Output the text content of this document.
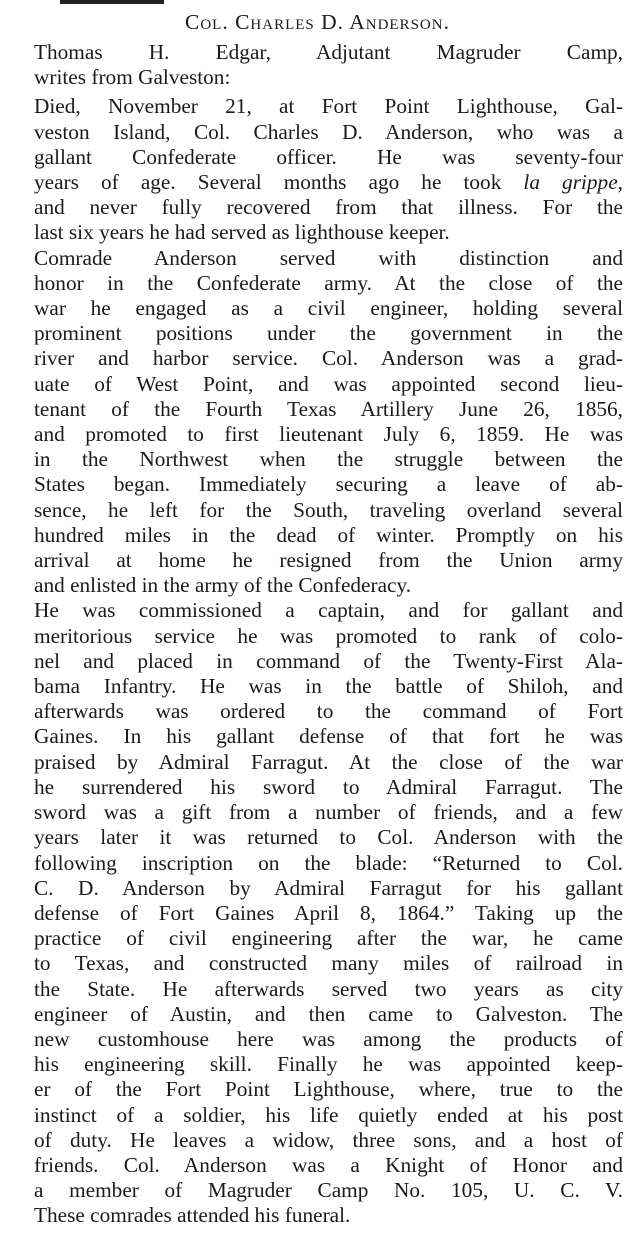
Col. Charles D. Anderson.

Thomas H. Edgar, Adjutant Magruder Camp,
writes from Galveston:

Died, November 21, at Fort Point Lighthouse, Gal-
veston Island, Col. Charles D. Anderson, who was a
gallant Confederate officer. He was seventy-four
years of age. Several months ago he took la grippe,
and never fully recovered from that illness. For the
last six years he had served as lighthouse keeper.

Comrade Anderson served with distinction and
honor in the Confederate army. At the close of the
war he engaged as a civil engineer, holding several
prominent positions under the government in the
river and harbor service. Col. Anderson was a grad-
uate of West Point, and was appointed second lieu-
tenant of the Fourth Texas Artillery June 26, 1856,
and promoted to first lieutenant July 6, 1859. He was
in the Northwest when the struggle between the
States began. Immediately securing a leave of ab-
sence, he left for the South, traveling overland several
hundred miles in the dead of winter. Promptly on his
arrival at home he resigned from the Union army
and enlisted in the army of the Confederacy.

He was commissioned a captain, and for gallant and
meritorious service he was promoted to rank of colo-
nel and placed in command of the Twenty-First Ala-
bama Infantry. He was in the battle of Shiloh, and
afterwards was ordered to the command of Fort
Gaines. In his gallant defense of that fort he was
praised by Admiral Farragut. At the close of the war
he surrendered his sword to Admiral Farragut. The
sword was a gift from a number of friends, and a few
years later it was returned to Col. Anderson with the
following inscription on the blade: “Returned to Col.
C. D. Anderson by Admiral Farragut for his gallant
defense of Fort Gaines April 8, 1864.” Taking up the
practice of civil engineering after the war, he came
to Texas, and constructed many miles of railroad in
the State. He afterwards served two years as city
engineer of Austin, and then came to Galveston. The
new customhouse here was among the products of
his engineering skill. Finally he was appointed keep-
er of the Fort Point Lighthouse, where, true to the
instinct of a soldier, his life quietly ended at his post
of duty. He leaves a widow, three sons, and a host of
friends. Col. Anderson was a Knight of Honor and
a member of Magruder Camp No. 105, U. C. V.
These comrades attended his funeral.
